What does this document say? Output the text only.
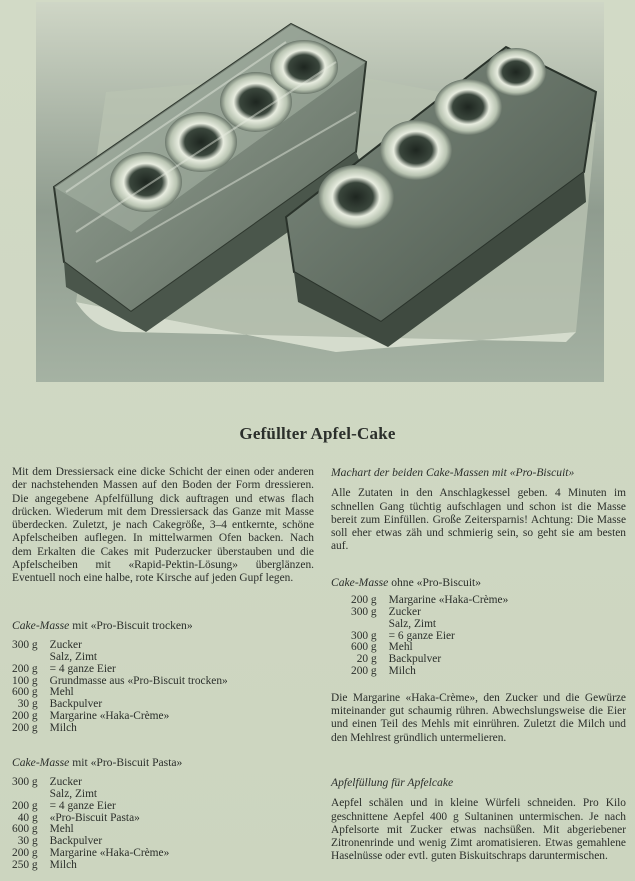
Gefüllter Apfel-Cake

Mit dem Dressiersack eine dicke Schicht der einen oder anderen der nachstehenden Massen auf den Boden der Form dressieren. Die angegebene Apfelfüllung dick auftragen und etwas flach drücken. Wiederum mit dem Dressiersack das Ganze mit Masse überdecken. Zuletzt, je nach Cakegröße, 3–4 entkernte, schöne Apfelscheiben auflegen. In mittelwarmen Ofen backen. Nach dem Erkalten die Cakes mit Puderzucker überstauben und die Apfelscheiben mit «Rapid-Pektin-Lösung» überglänzen. Eventuell noch eine halbe, rote Kirsche auf jeden Gupf legen.

Cake-Masse mit «Pro-Biscuit trocken»
300 g	Zucker
	Salz, Zimt
200 g	= 4 ganze Eier
100 g	Grundmasse aus «Pro-Biscuit trocken»
600 g	Mehl
30 g	Backpulver
200 g	Margarine «Haka-Crème»
200 g	Milch
Cake-Masse mit «Pro-Biscuit Pasta»
300 g	Zucker
	Salz, Zimt
200 g	= 4 ganze Eier
40 g	«Pro-Biscuit Pasta»
600 g	Mehl
30 g	Backpulver
200 g	Margarine «Haka-Crème»
250 g	Milch
Machart der beiden Cake-Massen mit «Pro-Biscuit»

Alle Zutaten in den Anschlagkessel geben. 4 Minuten im schnellen Gang tüchtig aufschlagen und schon ist die Masse bereit zum Einfüllen. Große Zeitersparnis! Achtung: Die Masse soll eher etwas zäh und schmierig sein, so geht sie am besten auf.

Cake-Masse ohne «Pro-Biscuit»
200 g	Margarine «Haka-Crème»
300 g	Zucker
	Salz, Zimt
300 g	= 6 ganze Eier
600 g	Mehl
20 g	Backpulver
200 g	Milch

Die Margarine «Haka-Crème», den Zucker und die Gewürze miteinander gut schaumig rühren. Abwechslungsweise die Eier und einen Teil des Mehls mit einrühren. Zuletzt die Milch und den Mehlrest gründlich untermelieren.

Apfelfüllung für Apfelcake

Aepfel schälen und in kleine Würfeli schneiden. Pro Kilo geschnittene Aepfel 400 g Sultaninen untermischen. Je nach Apfelsorte mit Zucker etwas nachsüßen. Mit abgeriebener Zitronenrinde und wenig Zimt aromatisieren. Etwas gemahlene Haselnüsse oder evtl. guten Biskuitschraps daruntermischen.
